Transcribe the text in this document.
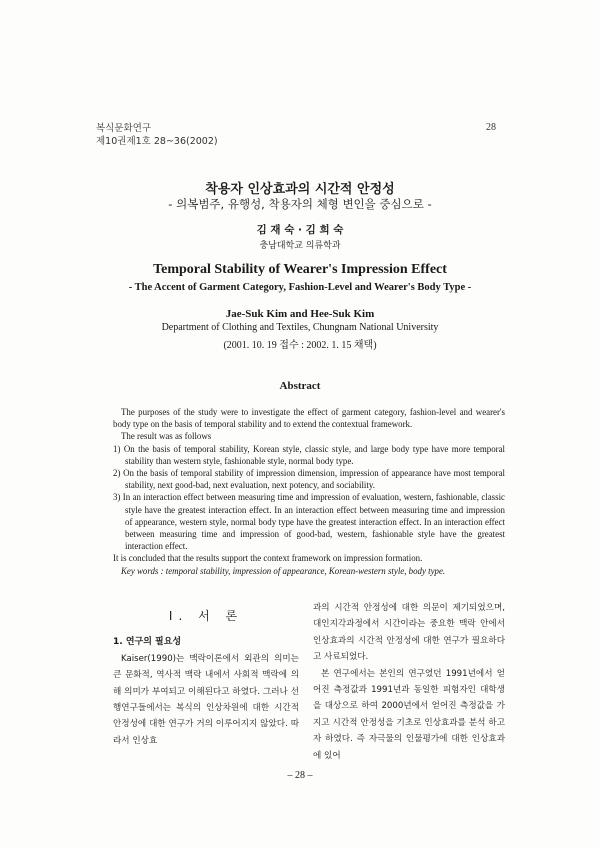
복식문화연구
제10권제1호 28~36(2002)
28
착용자 인상효과의 시간적 안정성
- 의복범주, 유행성, 착용자의 체형 변인을 중심으로 -
김 재 숙 · 김 희 숙
충남대학교 의류학과
Temporal Stability of Wearer's Impression Effect
- The Accent of Garment Category, Fashion-Level and Wearer's Body Type -
Jae-Suk Kim and Hee-Suk Kim
Department of Clothing and Textiles, Chungnam National University
(2001. 10. 19 접수 : 2002. 1. 15 채택)
Abstract

The purposes of the study were to investigate the effect of garment category, fashion-level and wearer's body type on the basis of temporal stability and to extend the contextual framework.

The result was as follows

1) On the basis of temporal stability, Korean style, classic style, and large body type have more temporal stability than western style, fashionable style, normal body type.

2) On the basis of temporal stability of impression dimension, impression of appearance have most temporal stability, next good-bad, next evaluation, next potency, and sociability.

3) In an interaction effect between measuring time and impression of evaluation, western, fashionable, classic style have the greatest interaction effect. In an interaction effect between measuring time and impression of appearance, western style, normal body type have the greatest interaction effect. In an interaction effect between measuring time and impression of good-bad, western, fashionable style have the greatest interaction effect.

It is concluded that the results support the context framework on impression formation.

Key words : temporal stability, impression of appearance, Korean-western style, body type.

Ⅰ. 서 론
1. 연구의 필요성

Kaiser(1990)는 맥락이론에서 외관의 의미는 큰 문화적, 역사적 맥락 내에서 사회적 맥락에 의해 의미가 부여되고 이해된다고 하였다. 그러나 선행연구들에서는 복식의 인상차원에 대한 시간적 안정성에 대한 연구가 거의 이루어지지 않았다. 따라서 인상효

과의 시간적 안정성에 대한 의문이 제기되었으며, 대인지각과정에서 시간이라는 중요한 맥락 안에서 인상효과의 시간적 안정성에 대한 연구가 필요하다고 사료되었다.

본 연구에서는 본인의 연구였던 1991년에서 얻어진 측정값과 1991년과 동일한 피험자인 대학생을 대상으로 하여 2000년에서 얻어진 측정값을 가지고 시간적 안정성을 기초로 인상효과를 분석 하고자 하였다. 즉 자극물의 인물평가에 대한 인상효과에 있어

– 28 –
